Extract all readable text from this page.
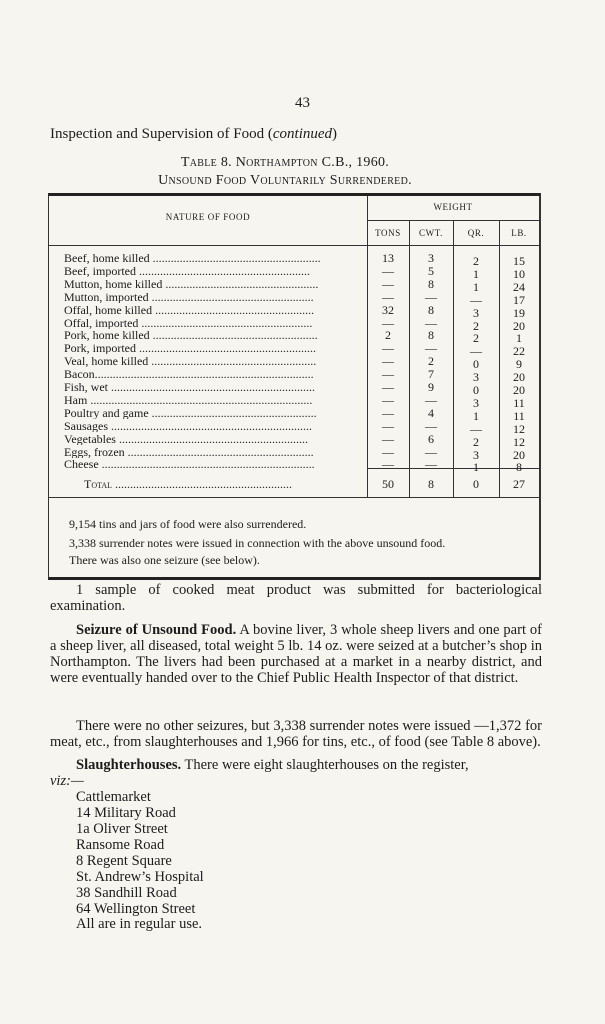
43
Inspection and Supervision of Food (continued)
Table 8. Northampton C.B., 1960.
Unsound Food Voluntarily Surrendered.
NATURE OF FOOD
WEIGHT
TONS	CWT.	QR.	LB.
Beef, home killed ........................................................	13	3	2	15
Beef, imported .........................................................	—	5	1	10
Mutton, home killed ...................................................	—	8	1	24
Mutton, imported ......................................................	—	—	—	17
Offal, home killed .....................................................	32	8	3	19
Offal, imported .........................................................	—	—	2	20
Pork, home killed .......................................................	2	8	2	1
Pork, imported ...........................................................	—	—	—	22
Veal, home killed .......................................................	—	2	0	9
Bacon.........................................................................	—	7	3	20
Fish, wet ....................................................................	—	9	0	20
Ham ..........................................................................	—	—	3	11
Poultry and game .......................................................	—	4	1	11
Sausages ...................................................................	—	—	—	12
Vegetables ...............................................................	—	6	2	12
Eggs, frozen ..............................................................	—	—	3	20
Cheese .......................................................................	—	—	1	8
Total ...........................................................	50	8	0	27
9,154 tins and jars of food were also surrendered.
3,338 surrender notes were issued in connection with the above unsound food.
There was also one seizure (see below).

1 sample of cooked meat product was submitted for bacteriological examination.

Seizure of Unsound Food. A bovine liver, 3 whole sheep livers and one part of a sheep liver, all diseased, total weight 5 lb. 14 oz. were seized at a butcher’s shop in Northampton. The livers had been purchased at a market in a nearby district, and were eventually handed over to the Chief Public Health Inspector of that district.

There were no other seizures, but 3,338 surrender notes were issued —1,372 for meat, etc., from slaughterhouses and 1,966 for tins, etc., of food (see Table 8 above).

Slaughterhouses. There were eight slaughterhouses on the register,

viz:—

Cattlemarket
14 Military Road
1a Oliver Street
Ransome Road
8 Regent Square
St. Andrew’s Hospital
38 Sandhill Road
64 Wellington Street
All are in regular use.
